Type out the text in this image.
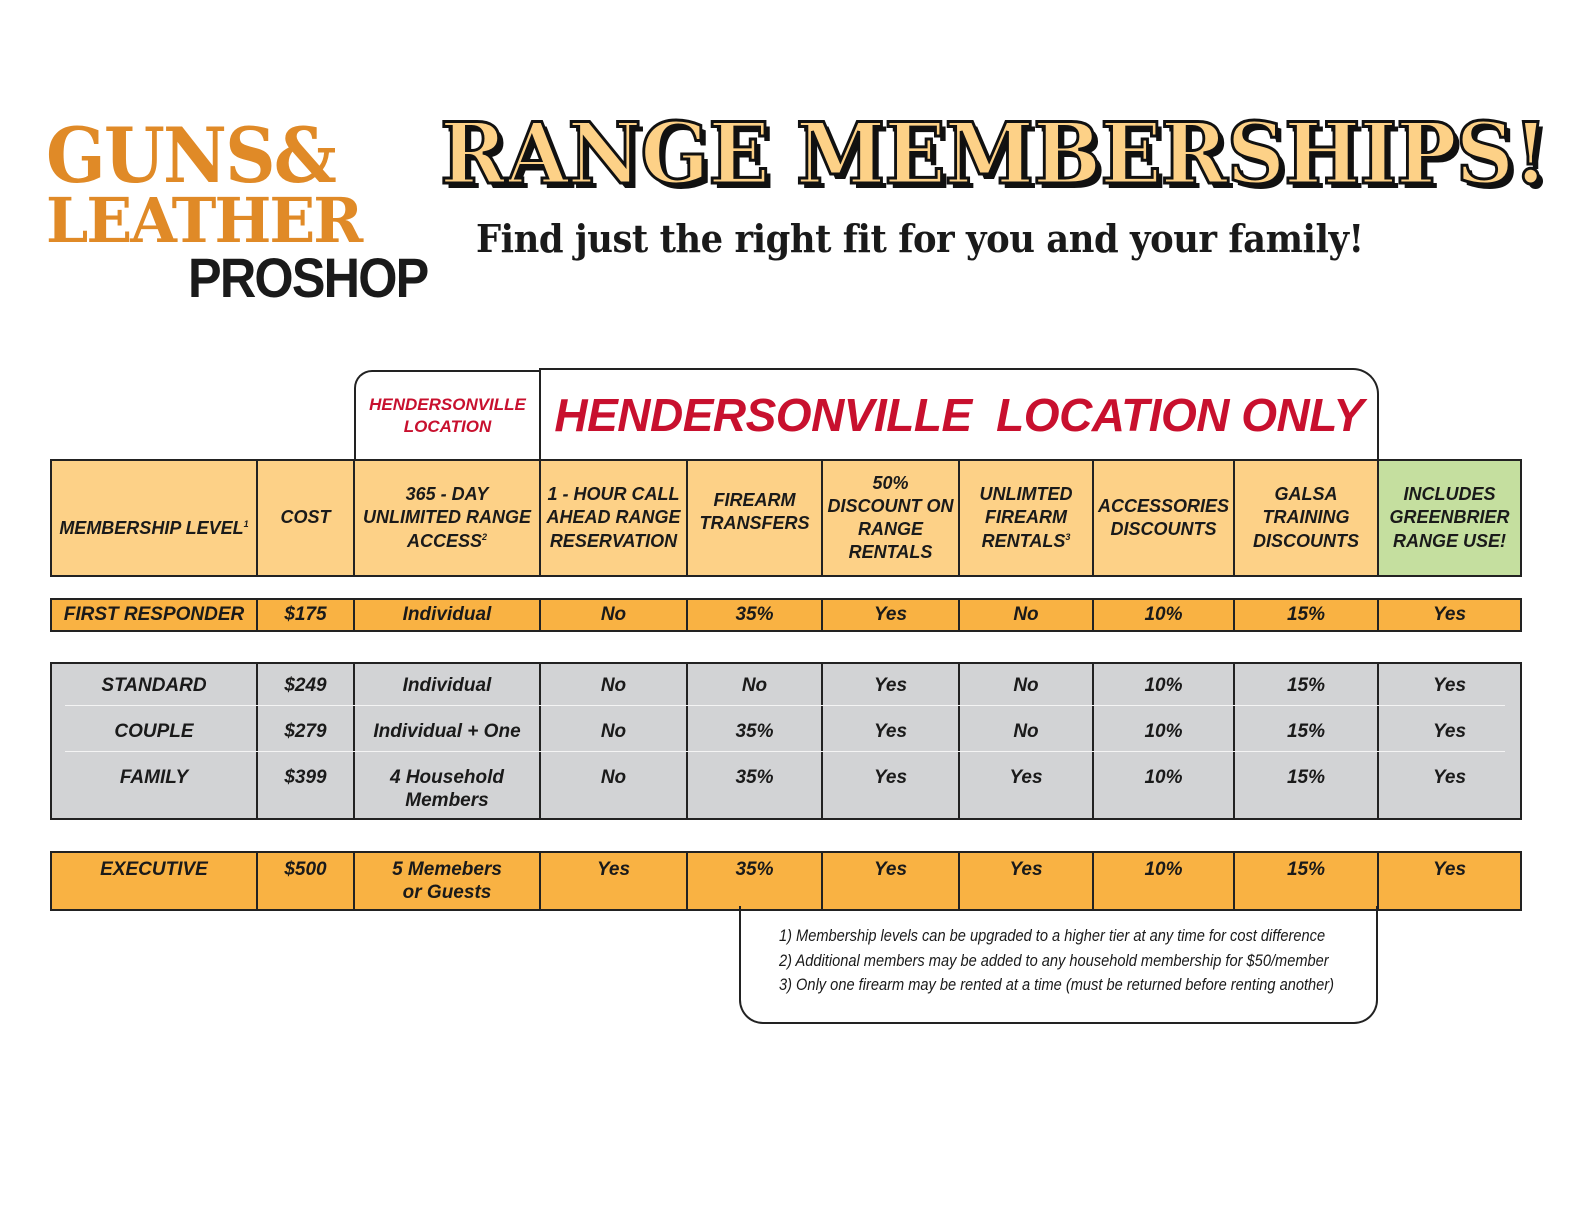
GUNS&
LEATHER
PROSHOP
RANGE MEMBERSHIPS!
Find just the right fit for you and your family!
HENDERSONVILLE LOCATION	HENDERSONVILLE  LOCATION ONLY
MEMBERSHIP LEVEL$^1$	COST	365 - DAY UNLIMITED RANGE ACCESS$^2$	1 - HOUR CALL AHEAD RANGE RESERVATION	FIREARM TRANSFERS	50% DISCOUNT ON RANGE RENTALS	UNLIMTED FIREARM RENTALS$^3$	ACCESSORIES DISCOUNTS	GALSA TRAINING DISCOUNTS	INCLUDES GREENBRIER RANGE USE!
FIRST RESPONDER	$175	Individual	No	35%	Yes	No	10%	15%	Yes
STANDARD	$249	Individual	No	No	Yes	No	10%	15%	Yes
COUPLE	$279	Individual + One	No	35%	Yes	No	10%	15%	Yes
FAMILY	$399	4 Household Members	No	35%	Yes	Yes	10%	15%	Yes
EXECUTIVE	$500	5 Memebers or Guests	Yes	35%	Yes	Yes	10%	15%	Yes
1) Membership levels can be upgraded to a higher tier at any time for cost difference
2) Additional members may be added to any household membership for $50/member
3) Only one firearm may be rented at a time (must be returned before renting another)
